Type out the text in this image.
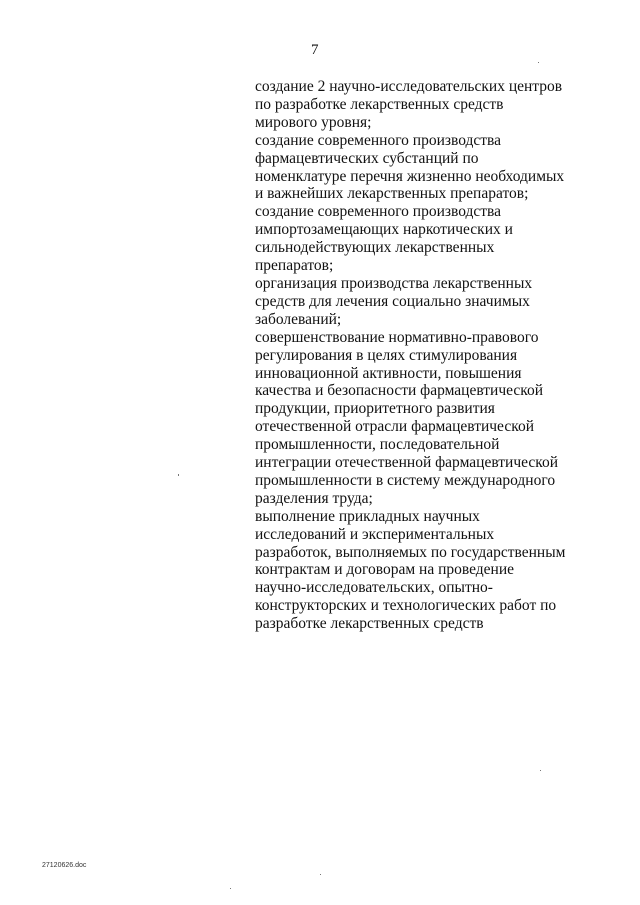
7

создание 2 научно-исследовательских центров

по разработке лекарственных средств

мирового уровня;

создание современного производства

фармацевтических субстанций по

номенклатуре перечня жизненно необходимых

и важнейших лекарственных препаратов;

создание современного производства

импортозамещающих наркотических и

сильнодействующих лекарственных

препаратов;

организация производства лекарственных

средств для лечения социально значимых

заболеваний;

совершенствование нормативно-правового

регулирования в целях стимулирования

инновационной активности, повышения

качества и безопасности фармацевтической

продукции, приоритетного развития

отечественной отрасли фармацевтической

промышленности, последовательной

интеграции отечественной фармацевтической

промышленности в систему международного

разделения труда;

выполнение прикладных научных

исследований и экспериментальных

разработок, выполняемых по государственным

контрактам и договорам на проведение

научно-исследовательских, опытно-

конструкторских и технологических работ по

разработке лекарственных средств

27120626.doc
